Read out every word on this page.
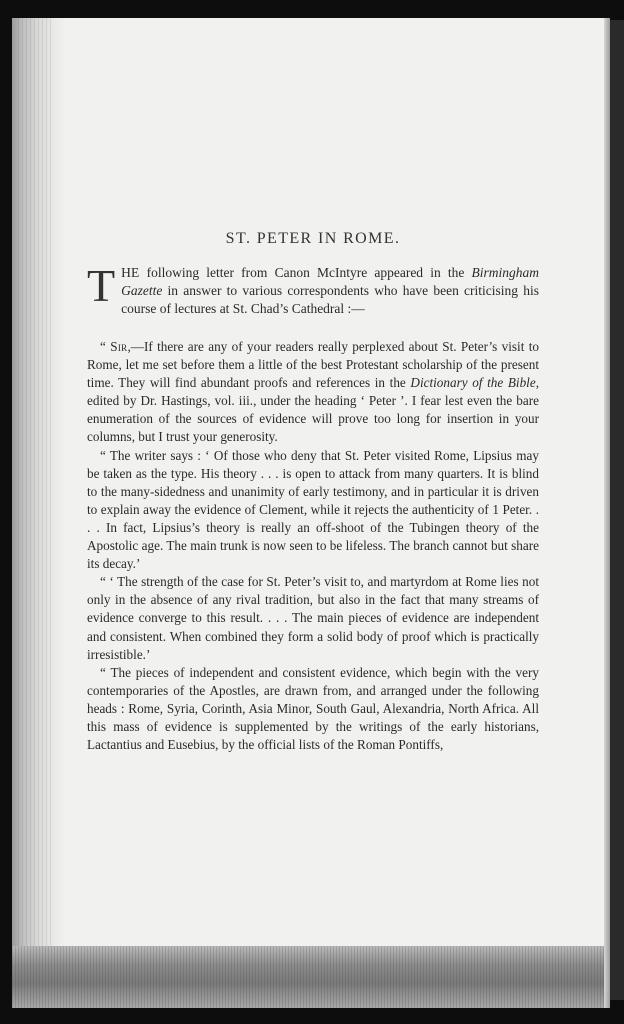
ST. PETER IN ROME.

THE following letter from Canon McIntyre appeared in the Birmingham Gazette in answer to various correspondents who have been criticising his course of lectures at St. Chad’s Cathedral :—

“ Sir,—If there are any of your readers really perplexed about St. Peter’s visit to Rome, let me set before them a little of the best Protestant scholarship of the present time. They will find abundant proofs and references in the Dictionary of the Bible, edited by Dr. Hastings, vol. iii., under the heading ‘ Peter ’. I fear lest even the bare enumeration of the sources of evidence will prove too long for insertion in your columns, but I trust your generosity.

“ The writer says : ‘ Of those who deny that St. Peter visited Rome, Lipsius may be taken as the type. His theory . . . is open to attack from many quarters. It is blind to the many-sidedness and unanimity of early testimony, and in particular it is driven to explain away the evidence of Clement, while it rejects the authenticity of 1 Peter. . . . In fact, Lipsius’s theory is really an off-shoot of the Tubingen theory of the Apostolic age. The main trunk is now seen to be lifeless. The branch cannot but share its decay.’

“ ‘ The strength of the case for St. Peter’s visit to, and martyrdom at Rome lies not only in the absence of any rival tradition, but also in the fact that many streams of evidence converge to this result. . . . The main pieces of evidence are independent and consistent. When combined they form a solid body of proof which is practically irresistible.’

“ The pieces of independent and consistent evidence, which begin with the very contemporaries of the Apostles, are drawn from, and arranged under the following heads : Rome, Syria, Corinth, Asia Minor, South Gaul, Alexandria, North Africa. All this mass of evidence is supplemented by the writings of the early historians, Lactantius and Eusebius, by the official lists of the Roman Pontiffs,
